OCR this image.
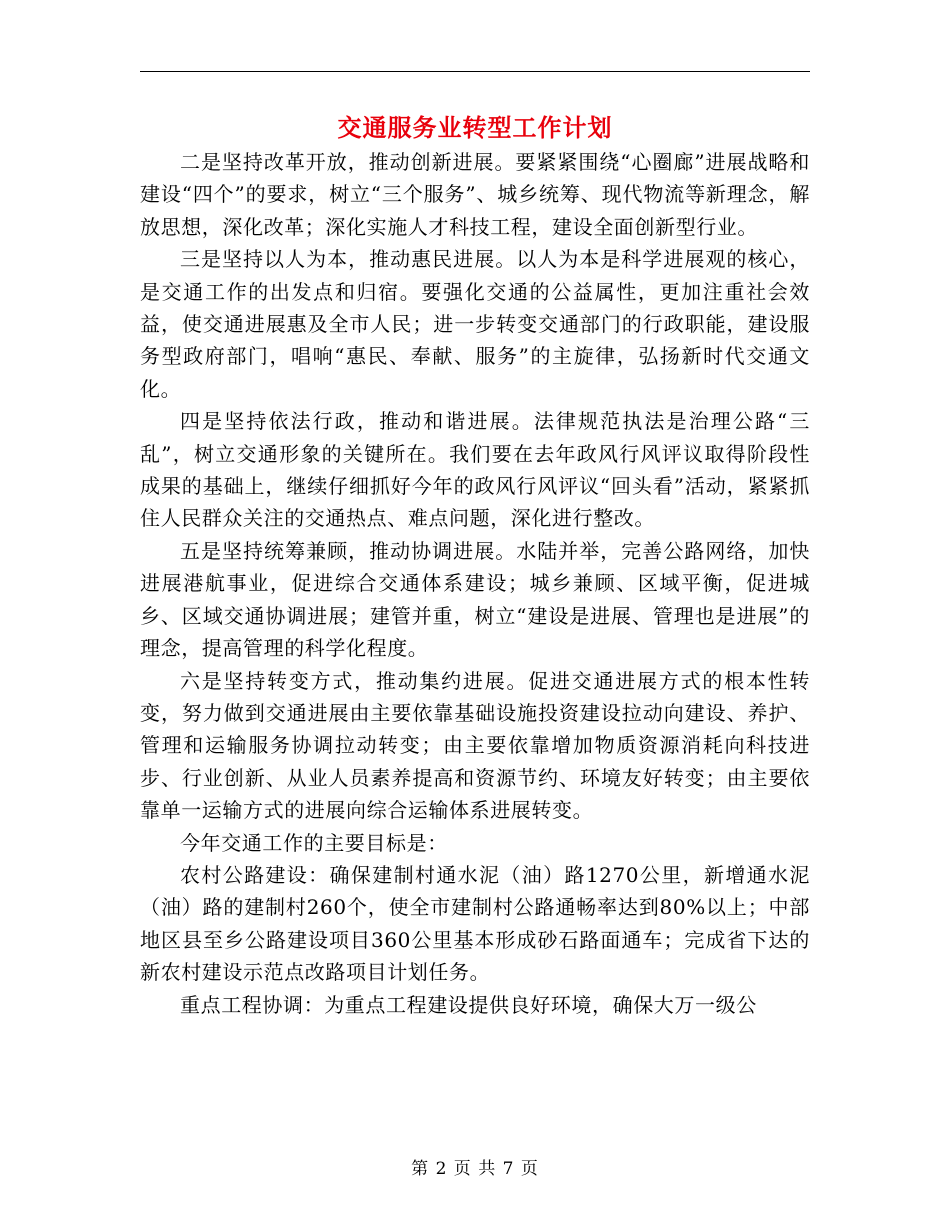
交通服务业转型工作计划

二是坚持改革开放，推动创新进展。要紧紧围绕“心圈廊”进展战略和建设“四个”的要求，树立“三个服务”、城乡统筹、现代物流等新理念，解放思想，深化改革；深化实施人才科技工程，建设全面创新型行业。

三是坚持以人为本，推动惠民进展。以人为本是科学进展观的核心，是交通工作的出发点和归宿。要强化交通的公益属性，更加注重社会效益，使交通进展惠及全市人民；进一步转变交通部门的行政职能，建设服务型政府部门，唱响“惠民、奉献、服务”的主旋律，弘扬新时代交通文化。

四是坚持依法行政，推动和谐进展。法律规范执法是治理公路“三乱”，树立交通形象的关键所在。我们要在去年政风行风评议取得阶段性成果的基础上，继续仔细抓好今年的政风行风评议“回头看”活动，紧紧抓住人民群众关注的交通热点、难点问题，深化进行整改。

五是坚持统筹兼顾，推动协调进展。水陆并举，完善公路网络，加快进展港航事业，促进综合交通体系建设；城乡兼顾、区域平衡，促进城乡、区域交通协调进展；建管并重，树立“建设是进展、管理也是进展”的理念，提高管理的科学化程度。

六是坚持转变方式，推动集约进展。促进交通进展方式的根本性转变，努力做到交通进展由主要依靠基础设施投资建设拉动向建设、养护、管理和运输服务协调拉动转变；由主要依靠增加物质资源消耗向科技进步、行业创新、从业人员素养提高和资源节约、环境友好转变；由主要依靠单一运输方式的进展向综合运输体系进展转变。

今年交通工作的主要目标是：

农村公路建设：确保建制村通水泥（油）路1270公里，新增通水泥（油）路的建制村260个，使全市建制村公路通畅率达到80%以上；中部地区县至乡公路建设项目360公里基本形成砂石路面通车；完成省下达的新农村建设示范点改路项目计划任务。

重点工程协调：为重点工程建设提供良好环境，确保大万一级公

第 2 页 共 7 页
